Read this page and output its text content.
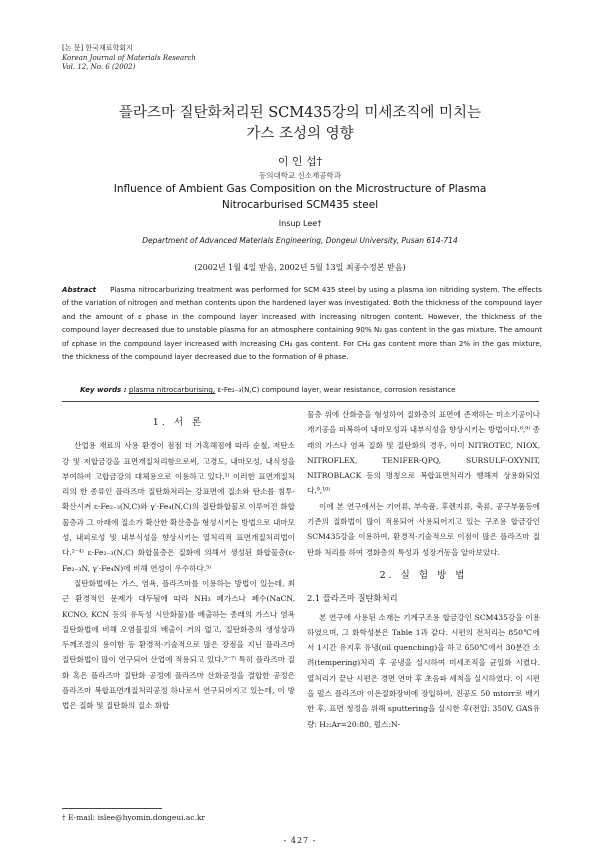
[논 문] 한국재료학회지
Korean Journal of Materials Research
Vol. 12, No. 6 (2002)
플라즈마 질탄화처리된 SCM435강의 미세조직에 미치는
가스 조성의 영향
이 인 섭†
동의대학교 신소재공학과
Influence of Ambient Gas Composition on the Microstructure of Plasma
Nitrocarburised SCM435 steel
Insup Lee†
Department of Advanced Materials Engineering, Dongeui University, Pusan 614-714
(2002년 1월 4일 받음, 2002년 5월 13일 최종수정본 받음)
Abstract Plasma nitrocarburizing treatment was performed for SCM 435 steel by using a plasma ion nitriding system. The effects of the variation of nitrogen and methan contents upon the hardened layer was investigated. Both the thickness of the compound layer and the amount of ε phase in the compound layer increased with increasing nitrogen content. However, the thickness of the compound layer decreased due to unstable plasma for an atmosphere containing 90% N₂ gas content in the gas mixture. The amount of εphase in the compound layer increased with increasing CH₄ gas content. For CH₄ gas content more than 2% in the gas mixture, the thickness of the compound layer decreased due to the formation of θ phase.
Key words : plasma nitrocarburising, ε-Fe₂₋₃(N,C) compound layer, wear resistance, corrosion resistance
1. 서 론

산업용 재료의 사용 환경이 점점 더 가혹해짐에 따라 순철, 저탄소강 및 저합금강을 표면개질처리함으로써, 고경도, 내마모성, 내식성을 부여하여 고합금강의 대체용으로 이용하고 있다.¹⁾ 이러한 표면개질처리의 한 종류인 플라즈마 질탄화처리는 강표면에 질소와 탄소를 침투·확산시켜 ε-Fe₂₋₃(N,C)와 γ′-Fe₄(N,C)의 질탄화합물로 이루어진 화합물층과 그 아래에 질소가 확산한 확산층을 형성시키는 방법으로 내마모성, 내피로성 및 내부식성을 향상시키는 열처리적 표면개질처리법이다.²⁻⁴⁾ ε-Fe₂₋₃(N,C) 화합물층은 질화에 의해서 생성된 화합물층(ε-Fe₂₋₃N, γ′-Fe₄N)에 비해 연성이 우수하다.⁵⁾

질탄화법에는 가스, 염욕, 플라즈마를 이용하는 방법이 있는데, 최근 환경적인 문제가 대두됨에 따라 NH₃ 폐가스나 폐수(NaCN, KCNO, KCN 등의 유독성 시안화물)를 배출하는 종래의 가스나 염욕 질탄화법에 비해 오염물질의 배출이 거의 없고, 질탄화층의 생성상과 두께조절의 용이함 등 환경적·기술적으로 많은 장점을 지닌 플라즈마 질탄화법이 많이 연구되어 산업에 적용되고 있다.⁵⁻⁷⁾ 특히 플라즈마 질화 혹은 플라즈마 질탄화 공정에 플라즈마 산화공정을 결합한 공정은 플라즈마 복합표면개질처리공정 하나로서 연구되어지고 있는데, 이 방법은 질화 및 질탄화의 질소 화합

물층 위에 산화층을 형성하여 질화층의 표면에 존재하는 미소기공이나 개기공을 피복하여 내마모성과 내부식성을 향상시키는 방법이다.⁸,⁹⁾ 종래의 가스나 염욕 질화 및 질탄화의 경우, 이미 NITROTEC, NIOX, NITROFLEX, TENIFER-QPQ, SURSULF-OXYNIT, NITROBLACK 등의 명칭으로 복합표면처리가 행해져 상용화되었다.⁹,¹⁰⁾

이에 본 연구에서는 기어류, 부속품, 후렌지류, 축류, 공구부품등에 기존의 질화법이 많이 적용되어 사용되어지고 있는 구조용 합금강인 SCM435강을 이용하여, 환경적·기술적으로 이점이 많은 플라즈마 질탄화 처리를 하여 경화층의 특성과 성장거동을 알아보았다.

2. 실 험 방 법
2.1 플라즈마 질탄화처리

본 연구에 사용된 소재는 기계구조용 합금강인 SCM435강을 이용하였으며, 그 화학성분은 Table 1과 같다. 시편의 전처리는 850℃에서 1시간 유지후 유냉(oil quenching)을 하고 650℃에서 30분간 소려(tempering)처리 후 공냉을 실시하여 미세조직을 균일화 시켰다. 열처리가 끝난 시편은 경면 연마 후 초음파 세척을 실시하였다. 이 시편을 펄스 플라즈마 이온질화장비에 장입하여, 진공도 50 mtorr로 배기한 후, 표면 청정을 위해 sputtering을 실시한 후(전압: 350V, GAS유량: H₂:Ar=20:80, 펄스:N-

† E-mail: islee@hyomin.dongeui.ac.kr
- 427 -
